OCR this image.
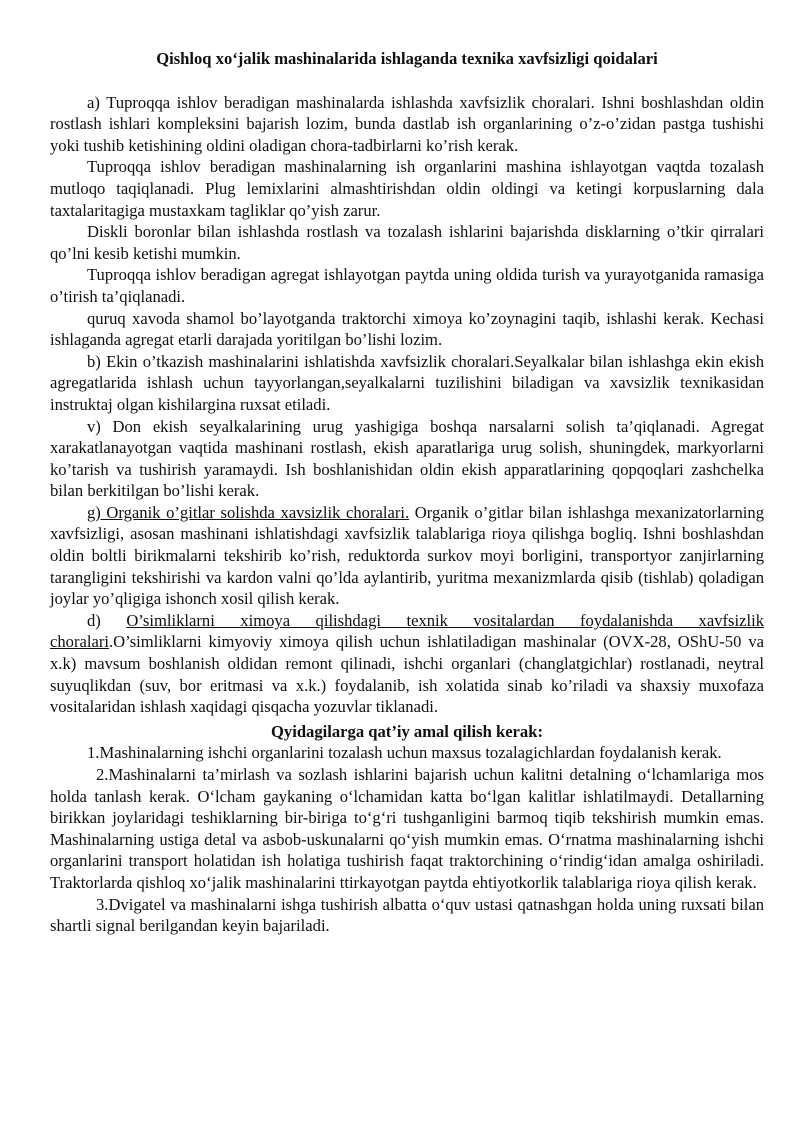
Qishloq xo‘jalik mashinalarida ishlaganda texnika xavfsizligi qoidalari

a) Tuproqqa ishlov beradigan mashinalarda ishlashda xavfsizlik choralari. Ishni boshlashdan oldin rostlash ishlari kompleksini bajarish lozim, bunda dastlab ish organlarining o’z-o’zidan pastga tushishi yoki tushib ketishining oldini oladigan chora-tadbirlarni ko’rish kerak.

Tuproqqa ishlov beradigan mashinalarning ish organlarini mashina ishlayotgan vaqtda tozalash mutloqo taqiqlanadi. Plug lemixlarini almashtirishdan oldin oldingi va ketingi korpuslarning dala taxtalaritagiga mustaxkam tagliklar qo’yish zarur.

Diskli boronlar bilan ishlashda rostlash va tozalash ishlarini bajarishda disklarning o’tkir qirralari qo’lni kesib ketishi mumkin.

Tuproqqa ishlov beradigan agregat ishlayotgan paytda uning oldida turish va yurayotganida ramasiga o’tirish ta’qiqlanadi.

quruq xavoda shamol bo’layotganda traktorchi ximoya ko’zoynagini taqib, ishlashi kerak. Kechasi ishlaganda agregat etarli darajada yoritilgan bo’lishi lozim.

b) Ekin o’tkazish mashinalarini ishlatishda xavfsizlik choralari.Seyalkalar bilan ishlashga ekin ekish agregatlarida ishlash uchun tayyorlangan,seyalkalarni tuzilishini biladigan va xavsizlik texnikasidan instruktaj olgan kishilargina ruxsat etiladi.

v) Don ekish seyalkalarining urug yashigiga boshqa narsalarni solish ta’qiqlanadi. Agregat xarakatlanayotgan vaqtida mashinani rostlash, ekish aparatlariga urug solish, shuningdek, markyorlarni ko’tarish va tushirish yaramaydi. Ish boshlanishidan oldin ekish apparatlarining qopqoqlari zashchelka bilan berkitilgan bo’lishi kerak.

g) Organik o’gitlar solishda xavsizlik choralari. Organik o’gitlar bilan ishlashga mexanizatorlarning xavfsizligi, asosan mashinani ishlatishdagi xavfsizlik talablariga rioya qilishga bogliq. Ishni boshlashdan oldin boltli birikmalarni tekshirib ko’rish, reduktorda surkov moyi borligini, transportyor zanjirlarning tarangligini tekshirishi va kardon valni qo’lda aylantirib, yuritma mexanizmlarda qisib (tishlab) qoladigan joylar yo’qligiga ishonch xosil qilish kerak.

d) O’simliklarni ximoya qilishdagi texnik vositalardan foydalanishda xavfsizlik choralari.O’simliklarni kimyoviy ximoya qilish uchun ishlatiladigan mashinalar (OVX-28, OShU-50 va x.k) mavsum boshlanish oldidan remont qilinadi, ishchi organlari (changlatgichlar) rostlanadi, neytral suyuqlikdan (suv, bor eritmasi va x.k.) foydalanib, ish xolatida sinab ko’riladi va shaxsiy muxofaza vositalaridan ishlash xaqidagi qisqacha yozuvlar tiklanadi.

Qyidagilarga qat’iy amal qilish kerak:

1.Mashinalarning ishchi organlarini tozalash uchun maxsus tozalagichlardan foydalanish kerak.

2.Mashinalarni ta’mirlash va sozlash ishlarini bajarish uchun kalitni detalning o‘lchamlariga mos holda tanlash kerak. O‘lcham gaykaning o‘lchamidan katta bo‘lgan kalitlar ishlatilmaydi. Detallarning birikkan joylaridagi teshiklarning bir-biriga to‘g‘ri tushganligini barmoq tiqib tekshirish mumkin emas. Mashinalarning ustiga detal va asbob-uskunalarni qo‘yish mumkin emas. O‘rnatma mashinalarning ishchi organlarini transport holatidan ish holatiga tushirish faqat traktorchining o‘rindig‘idan amalga oshiriladi. Traktorlarda qishloq xo‘jalik mashinalarini ttirkayotgan paytda ehtiyotkorlik talablariga rioya qilish kerak.

3.Dvigatel va mashinalarni ishga tushirish albatta o‘quv ustasi qatnashgan holda uning ruxsati bilan shartli signal berilgandan keyin bajariladi.
